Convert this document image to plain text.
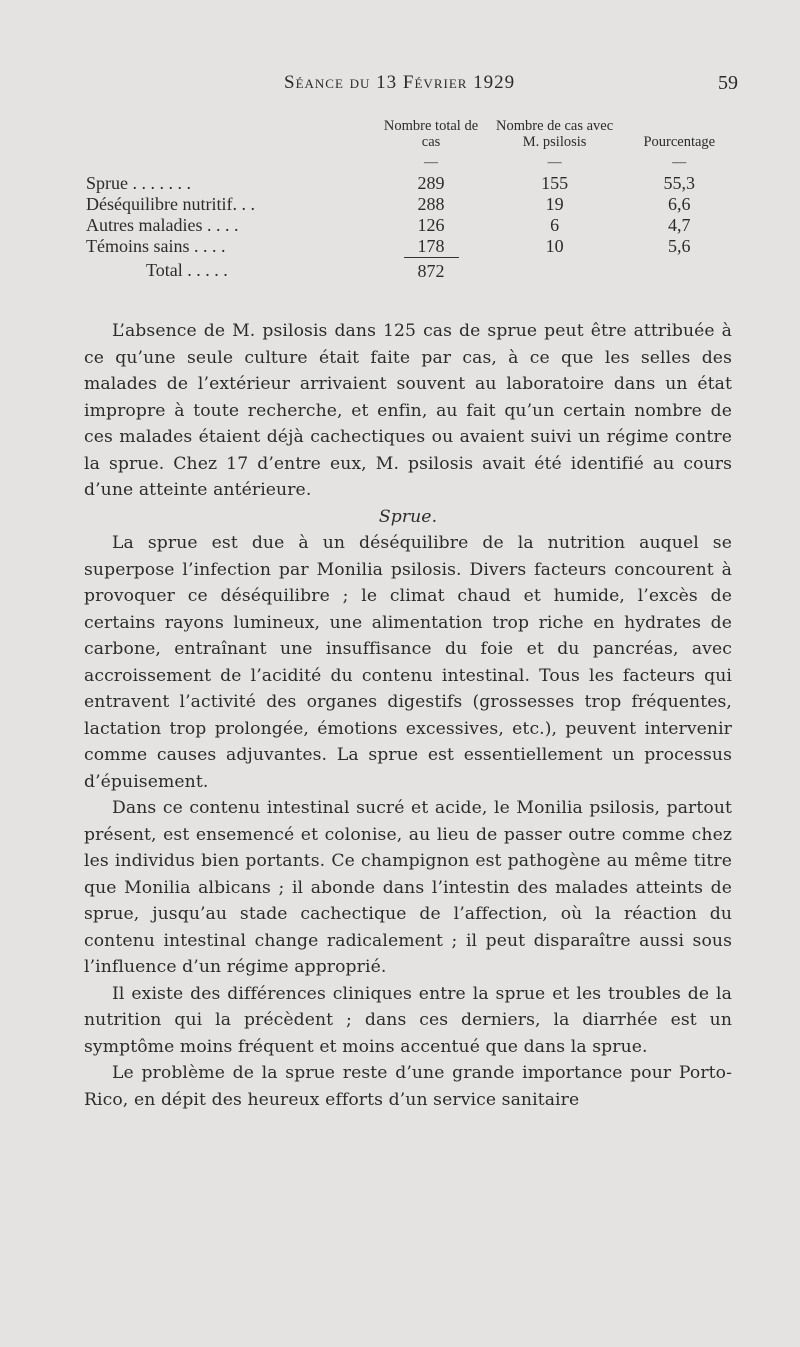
Séance du 13 Février 1929	59
	Nombre total de cas	Nombre de cas avec M. psilosis	Pourcentage
	—	—	—
Sprue . . . . . . .	289	155	55,3
Déséquilibre nutritif. . .	288	19	6,6
Autres maladies . . . .	126	6	4,7
Témoins sains . . . .	178	10	5,6
Total . . . . .	872		

L’absence de M. psilosis dans 125 cas de sprue peut être attribuée à ce qu’une seule culture était faite par cas, à ce que les selles des malades de l’extérieur arrivaient souvent au laboratoire dans un état impropre à toute recherche, et enfin, au fait qu’un certain nombre de ces malades étaient déjà cachectiques ou avaient suivi un régime contre la sprue. Chez 17 d’entre eux, M. psilosis avait été identifié au cours d’une atteinte antérieure.

Sprue.

La sprue est due à un déséquilibre de la nutrition auquel se superpose l’infection par Monilia psilosis. Divers facteurs concourent à provoquer ce déséquilibre ; le climat chaud et humide, l’excès de certains rayons lumineux, une alimentation trop riche en hydrates de carbone, entraînant une insuffisance du foie et du pancréas, avec accroissement de l’acidité du contenu intestinal. Tous les facteurs qui entravent l’activité des organes digestifs (grossesses trop fréquentes, lactation trop prolongée, émotions excessives, etc.), peuvent intervenir comme causes adjuvantes. La sprue est essentiellement un processus d’épuisement.

Dans ce contenu intestinal sucré et acide, le Monilia psilosis, partout présent, est ensemencé et colonise, au lieu de passer outre comme chez les individus bien portants. Ce champignon est pathogène au même titre que Monilia albicans ; il abonde dans l’intestin des malades atteints de sprue, jusqu’au stade cachectique de l’affection, où la réaction du contenu intestinal change radicalement ; il peut disparaître aussi sous l’influence d’un régime approprié.

Il existe des différences cliniques entre la sprue et les troubles de la nutrition qui la précèdent ; dans ces derniers, la diarrhée est un symptôme moins fréquent et moins accentué que dans la sprue.

Le problème de la sprue reste d’une grande importance pour Porto-Rico, en dépit des heureux efforts d’un service sanitaire
